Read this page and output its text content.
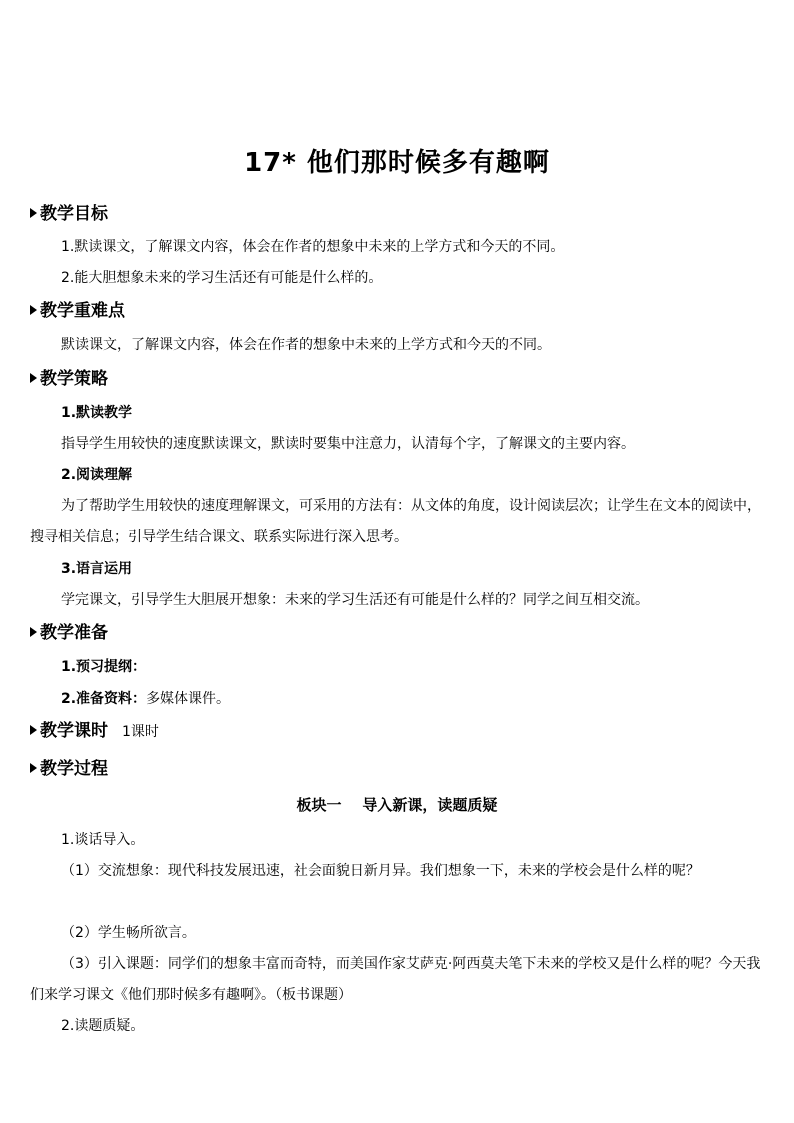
17* 他们那时候多有趣啊
教学目标
1.默读课文，了解课文内容，体会在作者的想象中未来的上学方式和今天的不同。
2.能大胆想象未来的学习生活还有可能是什么样的。
教学重难点
默读课文，了解课文内容，体会在作者的想象中未来的上学方式和今天的不同。
教学策略
1.默读教学
指导学生用较快的速度默读课文，默读时要集中注意力，认清每个字，了解课文的主要内容。
2.阅读理解
为了帮助学生用较快的速度理解课文，可采用的方法有：从文体的角度，设计阅读层次；让学生在文本的阅读中，搜寻相关信息；引导学生结合课文、联系实际进行深入思考。
3.语言运用
学完课文，引导学生大胆展开想象：未来的学习生活还有可能是什么样的？同学之间互相交流。
教学准备
1.预习提纲：
2.准备资料：多媒体课件。
教学课时 1课时
教学过程
板块一    导入新课，读题质疑
1.谈话导入。
（1）交流想象：现代科技发展迅速，社会面貌日新月异。我们想象一下，未来的学校会是什么样的呢？
（2）学生畅所欲言。
（3）引入课题：同学们的想象丰富而奇特，而美国作家艾萨克·阿西莫夫笔下未来的学校又是什么样的呢？今天我们来学习课文《他们那时候多有趣啊》。（板书课题）
2.读题质疑。
